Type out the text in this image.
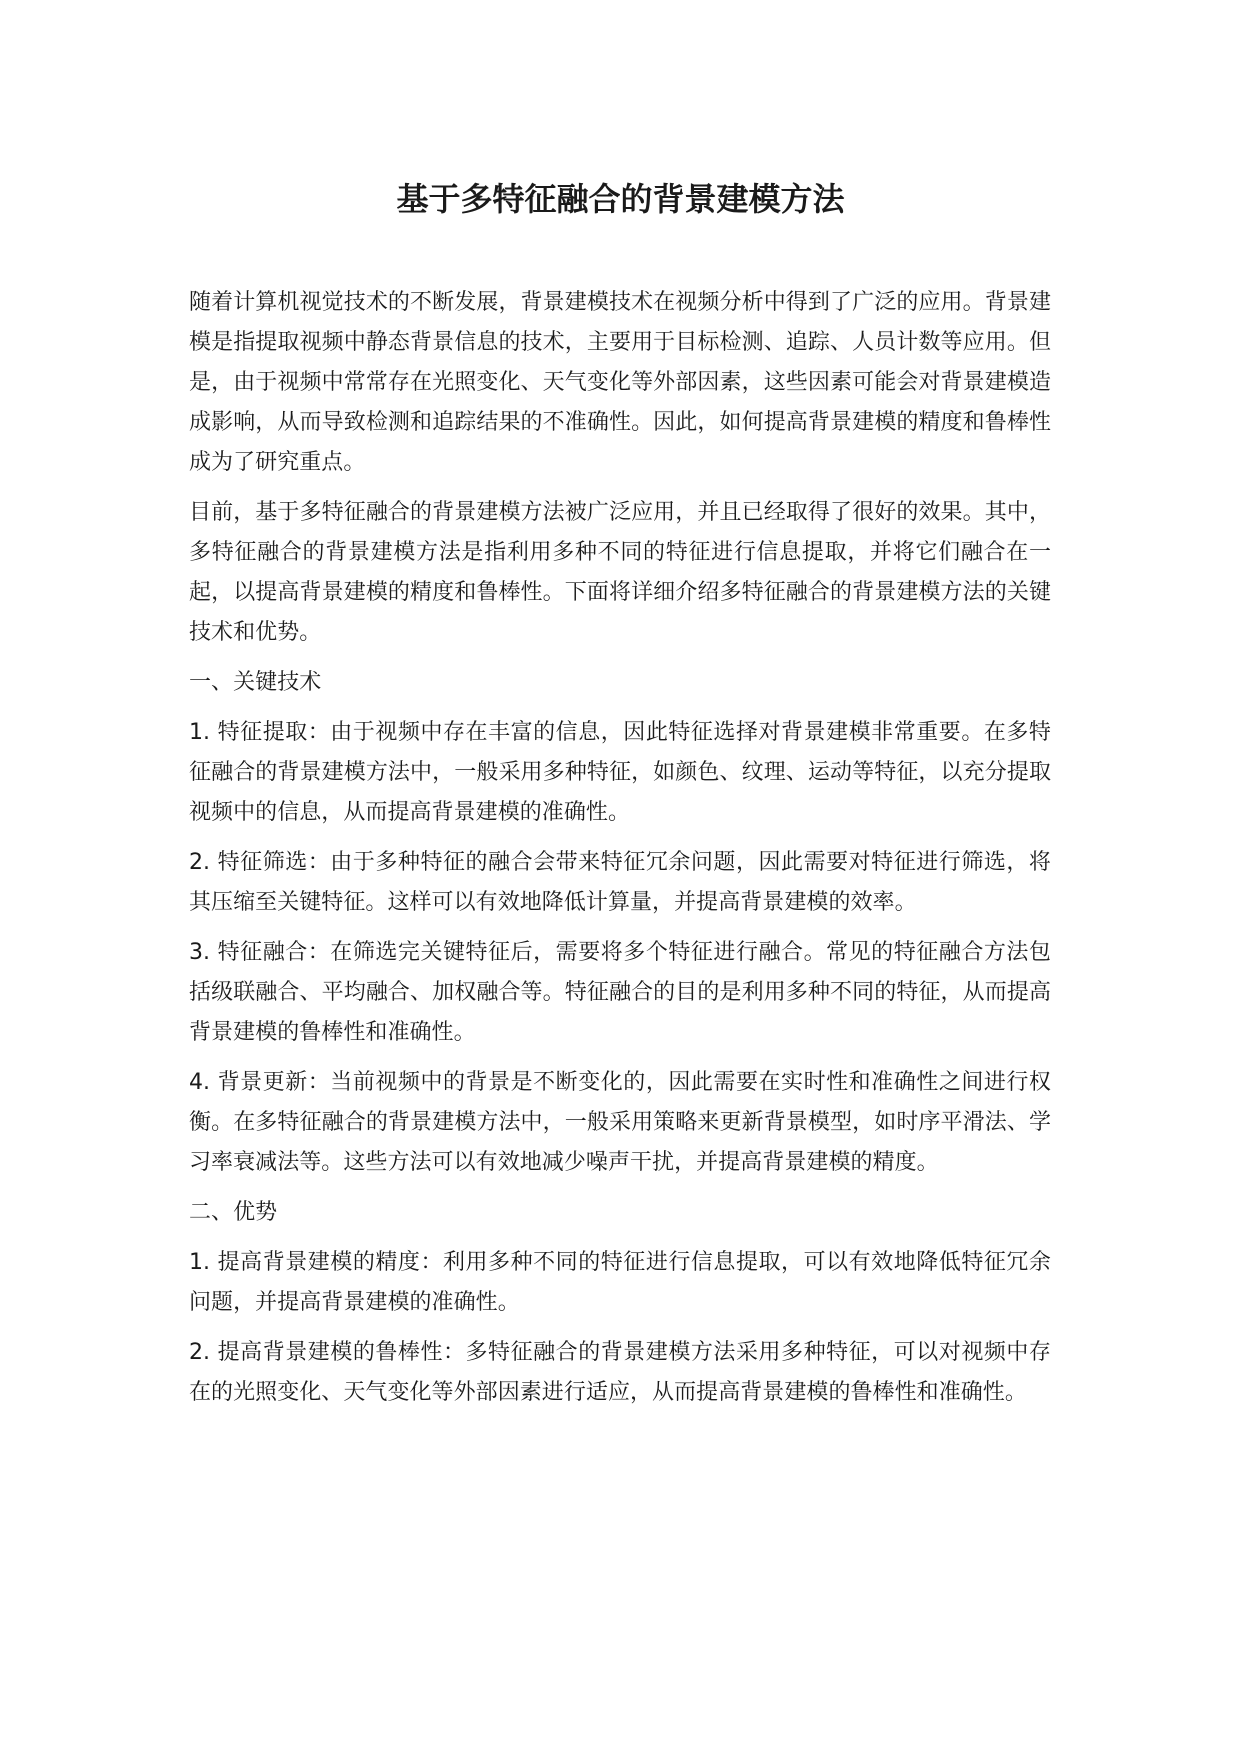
基于多特征融合的背景建模方法

随着计算机视觉技术的不断发展，背景建模技术在视频分析中得到了广泛的应用。背景建模是指提取视频中静态背景信息的技术，主要用于目标检测、追踪、人员计数等应用。但是，由于视频中常常存在光照变化、天气变化等外部因素，这些因素可能会对背景建模造成影响，从而导致检测和追踪结果的不准确性。因此，如何提高背景建模的精度和鲁棒性成为了研究重点。

目前，基于多特征融合的背景建模方法被广泛应用，并且已经取得了很好的效果。其中，多特征融合的背景建模方法是指利用多种不同的特征进行信息提取，并将它们融合在一起，以提高背景建模的精度和鲁棒性。下面将详细介绍多特征融合的背景建模方法的关键技术和优势。

一、关键技术

1. 特征提取：由于视频中存在丰富的信息，因此特征选择对背景建模非常重要。在多特征融合的背景建模方法中，一般采用多种特征，如颜色、纹理、运动等特征，以充分提取视频中的信息，从而提高背景建模的准确性。

2. 特征筛选：由于多种特征的融合会带来特征冗余问题，因此需要对特征进行筛选，将其压缩至关键特征。这样可以有效地降低计算量，并提高背景建模的效率。

3. 特征融合：在筛选完关键特征后，需要将多个特征进行融合。常见的特征融合方法包括级联融合、平均融合、加权融合等。特征融合的目的是利用多种不同的特征，从而提高背景建模的鲁棒性和准确性。

4. 背景更新：当前视频中的背景是不断变化的，因此需要在实时性和准确性之间进行权衡。在多特征融合的背景建模方法中，一般采用策略来更新背景模型，如时序平滑法、学习率衰减法等。这些方法可以有效地减少噪声干扰，并提高背景建模的精度。

二、优势

1. 提高背景建模的精度：利用多种不同的特征进行信息提取，可以有效地降低特征冗余问题，并提高背景建模的准确性。

2. 提高背景建模的鲁棒性：多特征融合的背景建模方法采用多种特征，可以对视频中存在的光照变化、天气变化等外部因素进行适应，从而提高背景建模的鲁棒性和准确性。
